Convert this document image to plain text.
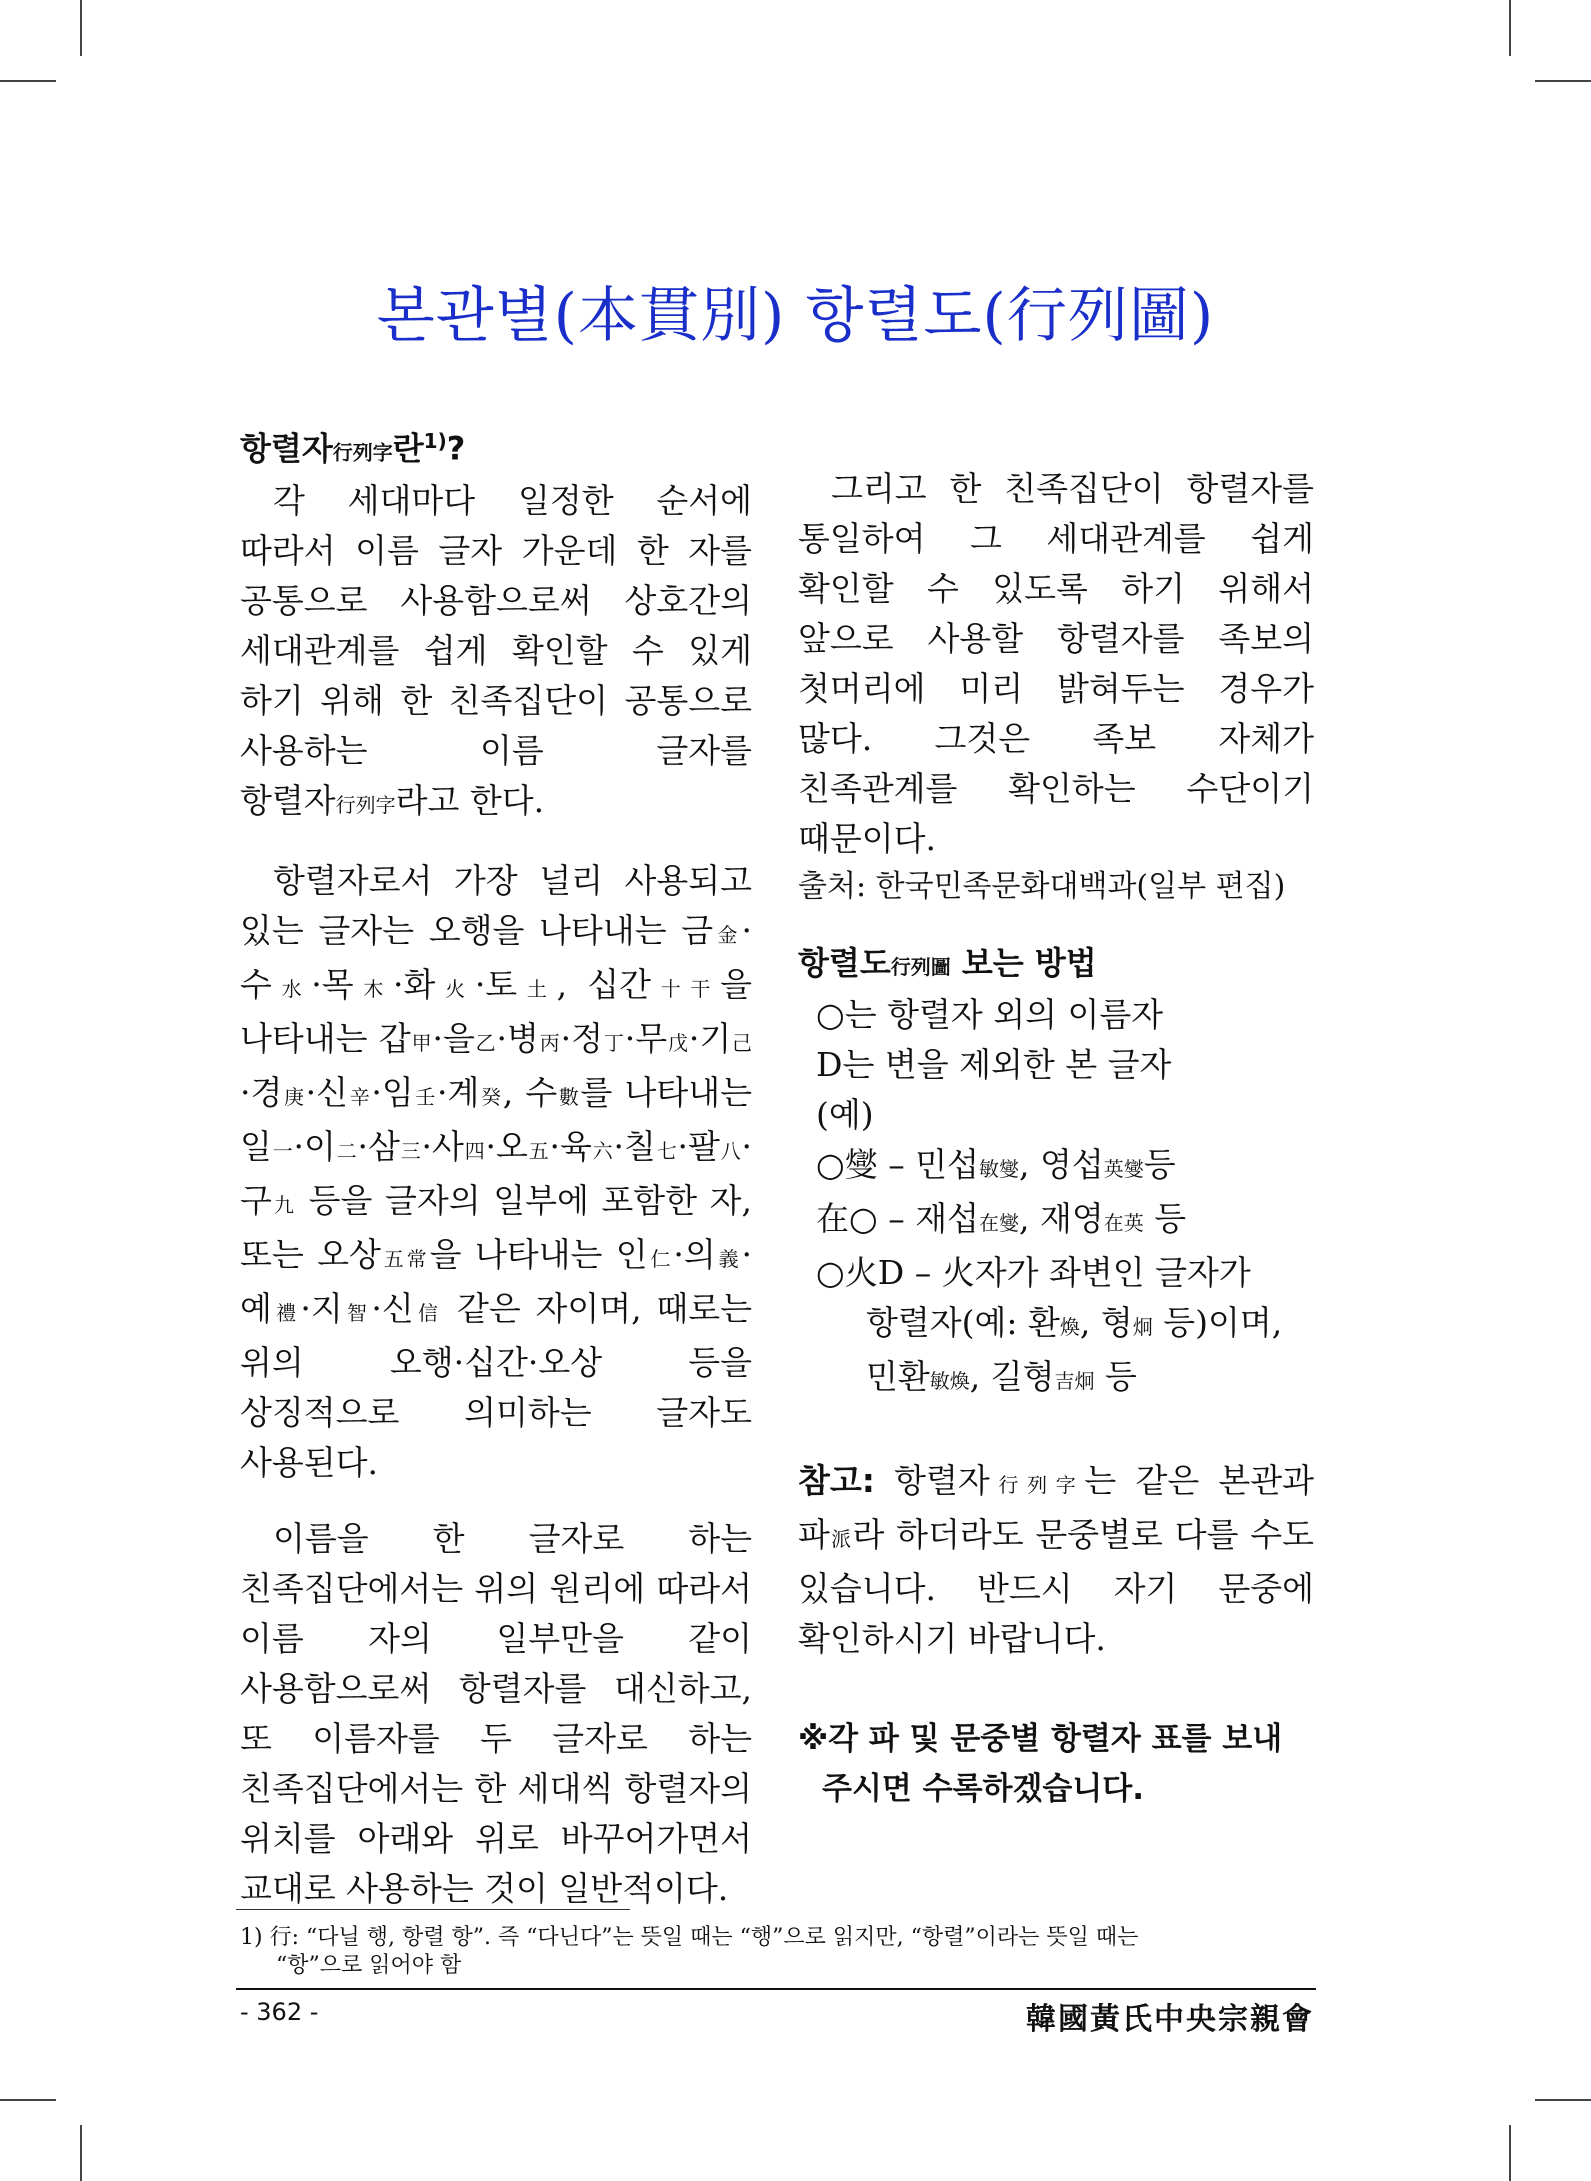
본관별(本貫別) 항렬도(行列圖)
항렬자行列字란$^{1)}$?

각 세대마다 일정한 순서에 따라서 이름 글자 가운데 한 자를 공통으로 사용함으로써 상호간의 세대관계를 쉽게 확인할 수 있게 하기 위해 한 친족집단이 공통으로 사용하는 이름 글자를 항렬자行列字라고 한다.

항렬자로서 가장 널리 사용되고 있는 글자는 오행을 나타내는 금金·수水·목木·화火·토土, 십간十干을 나타내는 갑甲·을乙·병丙·정丁·무戊·기己·경庚·신辛·임壬·계癸, 수數를 나타내는 일一·이二·삼三·사四·오五·육六·칠七·팔八·구九 등을 글자의 일부에 포함한 자, 또는 오상五常을 나타내는 인仁·의義·예禮·지智·신信 같은 자이며, 때로는 위의 오행·십간·오상 등을 상징적으로 의미하는 글자도 사용된다.

이름을 한 글자로 하는 친족집단에서는 위의 원리에 따라서 이름 자의 일부만을 같이 사용함으로써 항렬자를 대신하고, 또 이름자를 두 글자로 하는 친족집단에서는 한 세대씩 항렬자의 위치를 아래와 위로 바꾸어가면서 교대로 사용하는 것이 일반적이다.

그리고 한 친족집단이 항렬자를 통일하여 그 세대관계를 쉽게 확인할 수 있도록 하기 위해서 앞으로 사용할 항렬자를 족보의 첫머리에 미리 밝혀두는 경우가 많다. 그것은 족보 자체가 친족관계를 확인하는 수단이기 때문이다.

출처: 한국민족문화대백과(일부 편집)

항렬도行列圖 보는 방법

○는 항렬자 외의 이름자

D는 변을 제외한 본 글자

(예)

○燮 – 민섭敏燮, 영섭英燮등

在○ – 재섭在燮, 재영在英 등

○火D – 火자가 좌변인 글자가

항렬자(예: 환煥, 형炯 등)이며,

민환敏煥, 길형吉炯 등

참고: 항렬자行列字는 같은 본관과 파派라 하더라도 문중별로 다를 수도 있습니다. 반드시 자기 문중에 확인하시기 바랍니다.

※각 파 및 문중별 항렬자 표를 보내
주시면 수록하겠습니다.

1) 行: “다닐 행, 항렬 항”. 즉 “다닌다”는 뜻일 때는 “행”으로 읽지만, “항렬”이라는 뜻일 때는
“항”으로 읽어야 함

- 362 -	韓國黃氏中央宗親會
